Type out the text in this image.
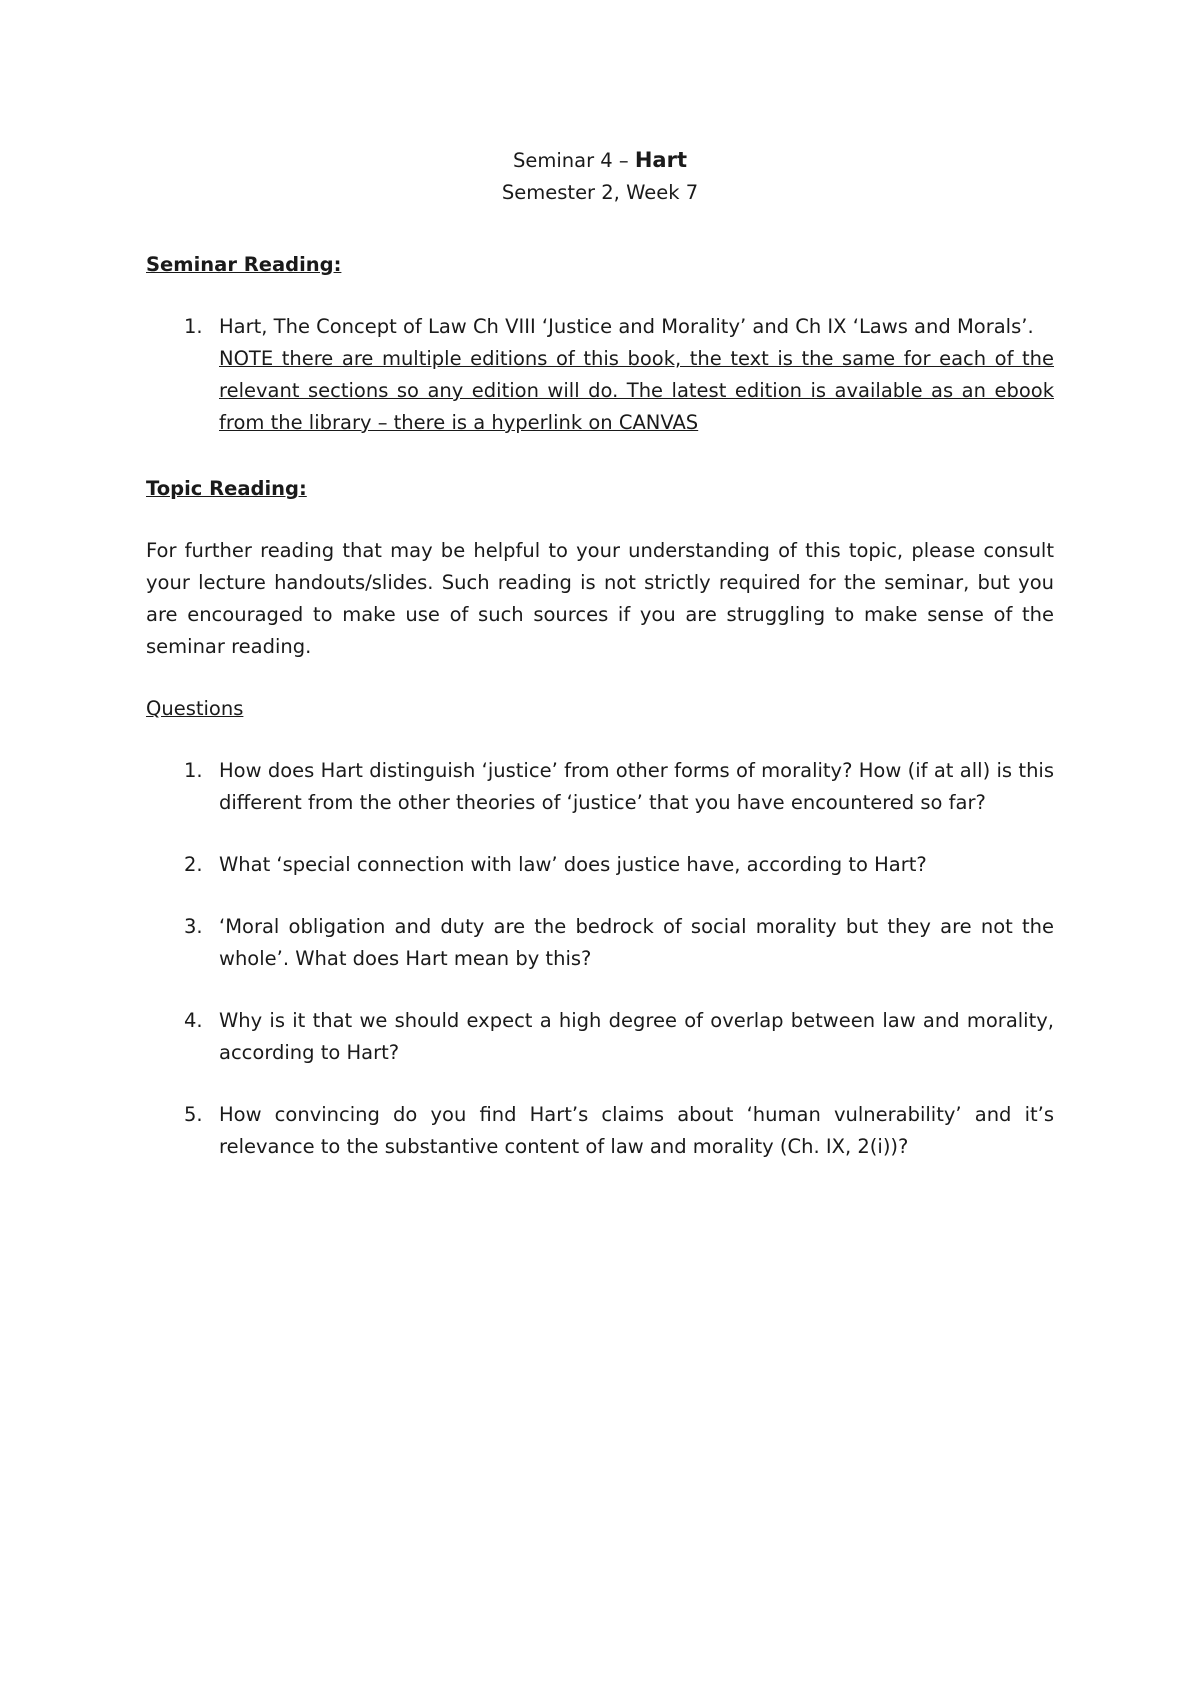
Seminar 4 – Hart

Semester 2, Week 7

Seminar Reading:

1. Hart, The Concept of Law Ch VIII ‘Justice and Morality’ and Ch IX ‘Laws and Morals’.
NOTE there are multiple editions of this book, the text is the same for each of the relevant sections so any edition will do. The latest edition is available as an ebook from the library – there is a hyperlink on CANVAS

Topic Reading:

For further reading that may be helpful to your understanding of this topic, please consult your lecture handouts/slides. Such reading is not strictly required for the seminar, but you are encouraged to make use of such sources if you are struggling to make sense of the seminar reading.

Questions

1. How does Hart distinguish ‘justice’ from other forms of morality? How (if at all) is this different from the other theories of ‘justice’ that you have encountered so far?
2. What ‘special connection with law’ does justice have, according to Hart?
3. ‘Moral obligation and duty are the bedrock of social morality but they are not the whole’. What does Hart mean by this?
4. Why is it that we should expect a high degree of overlap between law and morality, according to Hart?
5. How convincing do you find Hart’s claims about ‘human vulnerability’ and it’s relevance to the substantive content of law and morality (Ch. IX, 2(i))?
